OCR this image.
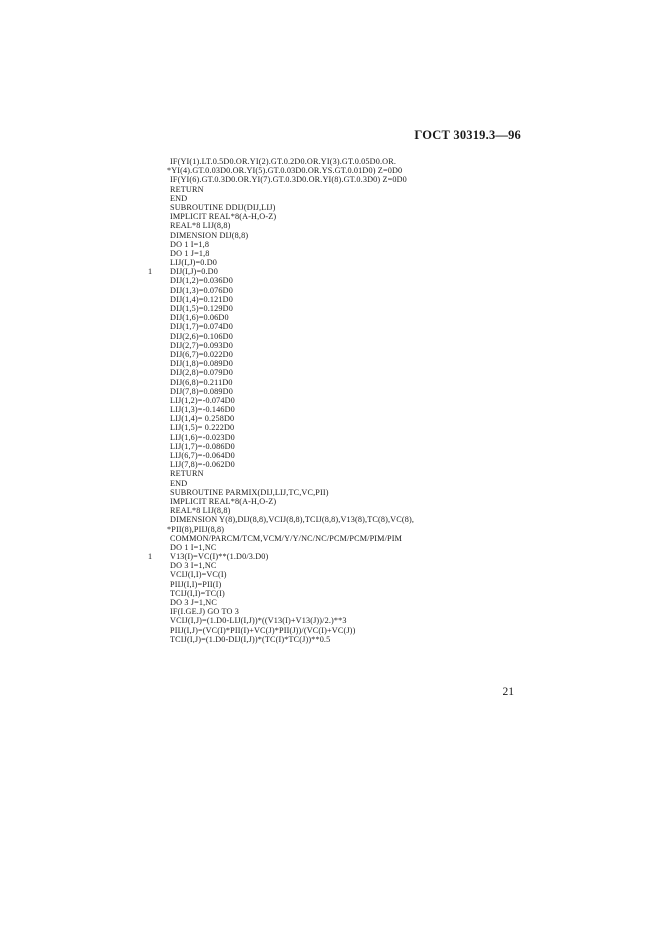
ГОСТ 30319.3—96
IF(YI(1).LT.0.5D0.OR.YI(2).GT.0.2D0.OR.YI(3).GT.0.05D0.OR.
*YI(4).GT.0.03D0.OR.YI(5).GT.0.03D0.OR.YS.GT.0.01D0) Z=0D0
IF(YI(6).GT.0.3D0.OR.YI(7).GT.0.3D0.OR.YI(8).GT.0.3D0) Z=0D0
RETURN
END
SUBROUTINE DDIJ(DIJ,LIJ)
IMPLICIT REAL*8(A-H,O-Z)
REAL*8 LIJ(8,8)
DIMENSION DIJ(8,8)
DO 1 I=1,8
DO 1 J=1,8
LIJ(I,J)=0.D0
1 DIJ(I,J)=0.D0
DIJ(1,2)=0.036D0
DIJ(1,3)=0.076D0
DIJ(1,4)=0.121D0
DIJ(1,5)=0.129D0
DIJ(1,6)=0.06D0
DIJ(1,7)=0.074D0
DIJ(2,6)=0.106D0
DIJ(2,7)=0.093D0
DIJ(6,7)=0.022D0
DIJ(1,8)=0.089D0
DIJ(2,8)=0.079D0
DIJ(6,8)=0.211D0
DIJ(7,8)=0.089D0
LIJ(1,2)=-0.074D0
LIJ(1,3)=-0.146D0
LIJ(1,4)= 0.258D0
LIJ(1,5)= 0.222D0
LIJ(1,6)=-0.023D0
LIJ(1,7)=-0.086D0
LIJ(6,7)=-0.064D0
LIJ(7,8)=-0.062D0
RETURN
END
SUBROUTINE PARMIX(DIJ,LIJ,TC,VC,PII)
IMPLICIT REAL*8(A-H,O-Z)
REAL*8 LIJ(8,8)
DIMENSION Y(8),DIJ(8,8),VCIJ(8,8),TCIJ(8,8),V13(8),TC(8),VC(8),
*PII(8),PIIJ(8,8)
COMMON/PARCM/TCM,VCM/Y/Y/NC/NC/PCM/PCM/PIM/PIM
DO 1 I=1,NC
1 V13(I)=VC(I)**(1.D0/3.D0)
DO 3 I=1,NC
VCIJ(I,I)=VC(I)
PIIJ(I,I)=PII(I)
TCIJ(I,I)=TC(I)
DO 3 J=1,NC
IF(I.GE.J) GO TO 3
VCIJ(I,J)=(1.D0-LIJ(I,J))*((V13(I)+V13(J))/2.)**3
PIIJ(I,J)=(VC(I)*PII(I)+VC(J)*PII(J))/(VC(I)+VC(J))
TCIJ(I,J)=(1.D0-DIJ(I,J))*(TC(I)*TC(J))**0.5
21
